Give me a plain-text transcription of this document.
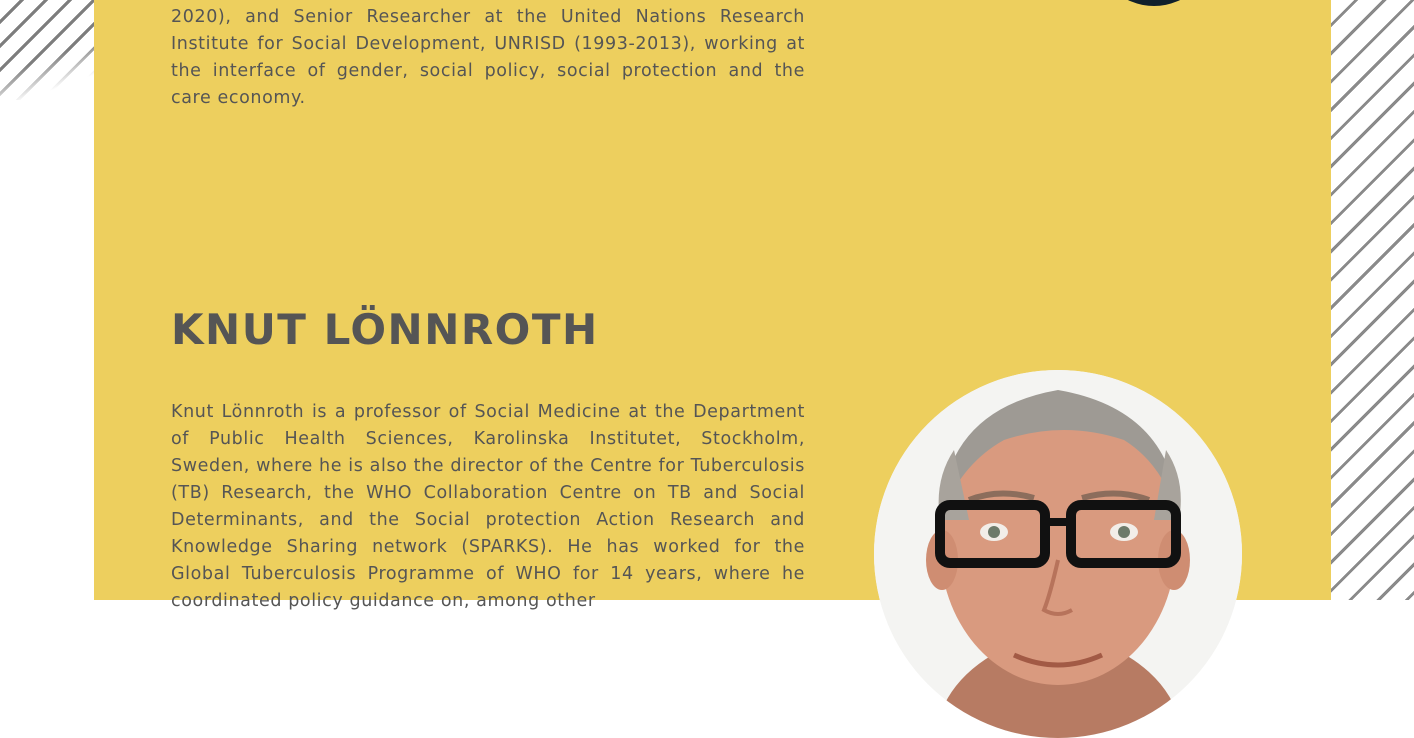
2020), and Senior Researcher at the United Nations Research Institute for Social Development, UNRISD (1993-2013), working at the interface of gender, social policy, social protection and the care economy.

KNUT LÖNNROTH

Knut Lönnroth is a professor of Social Medicine at the Department of Public Health Sciences, Karolinska Institutet, Stockholm, Sweden, where he is also the director of the Centre for Tuberculosis (TB) Research, the WHO Collaboration Centre on TB and Social Determinants, and the Social protection Action Research and Knowledge Sharing network (SPARKS). He has worked for the Global Tuberculosis Programme of WHO for 14 years, where he coordinated policy guidance on, among other
